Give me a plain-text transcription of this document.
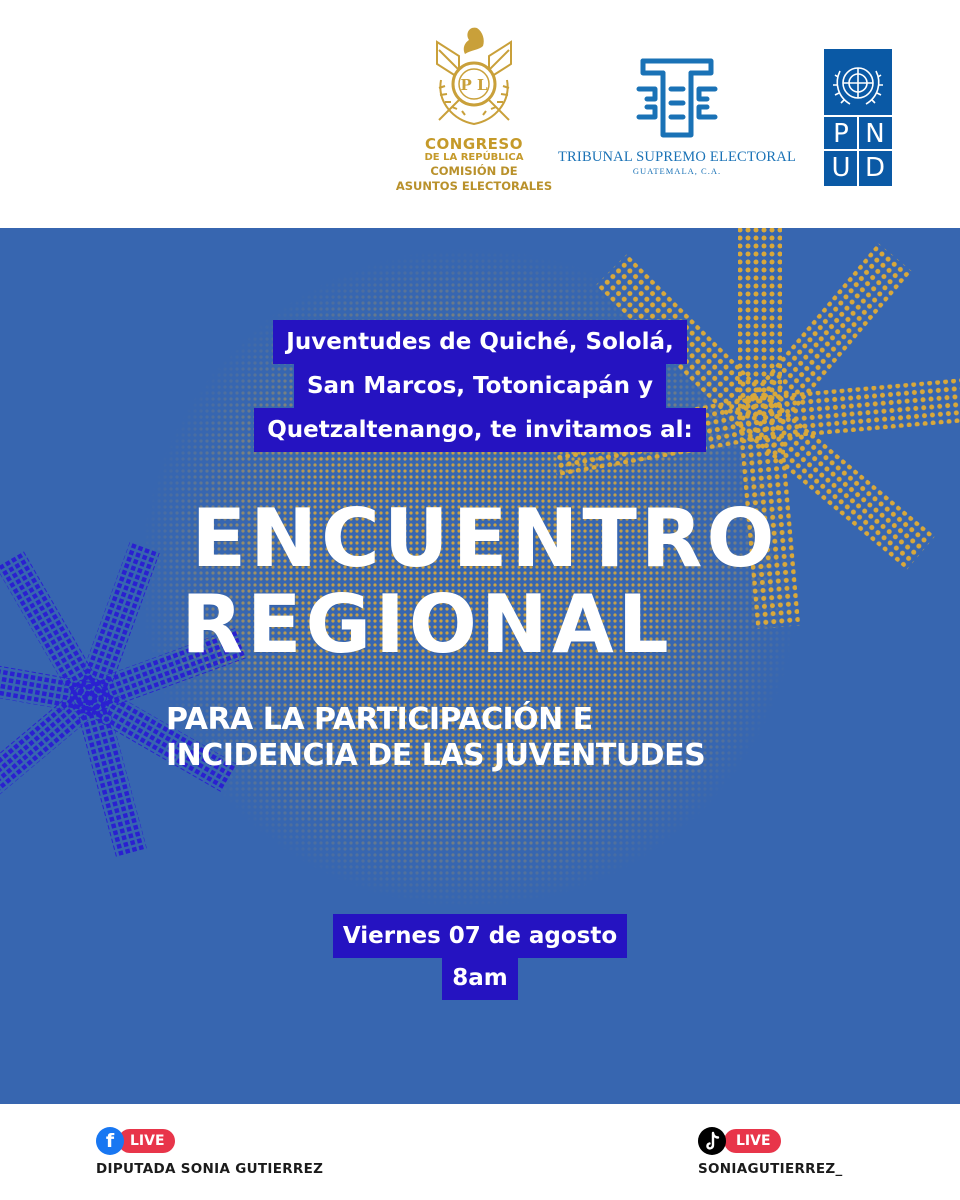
P L
CONGRESO
DE LA REPÚBLICA
COMISIÓN DE
ASUNTOS ELECTORALES
TRIBUNAL SUPREMO ELECTORAL
GUATEMALA, C.A.
P N
U D
Juventudes de Quiché, Sololá,
San Marcos, Totonicapán y
Quetzaltenango, te invitamos al:
ENCUENTRO
REGIONAL
PARA LA PARTICIPACIÓN E
INCIDENCIA DE LAS JUVENTUDES
Viernes 07 de agosto
8am
LIVE
f
DIPUTADA SONIA GUTIERREZ
LIVE
SONIAGUTIERREZ_
